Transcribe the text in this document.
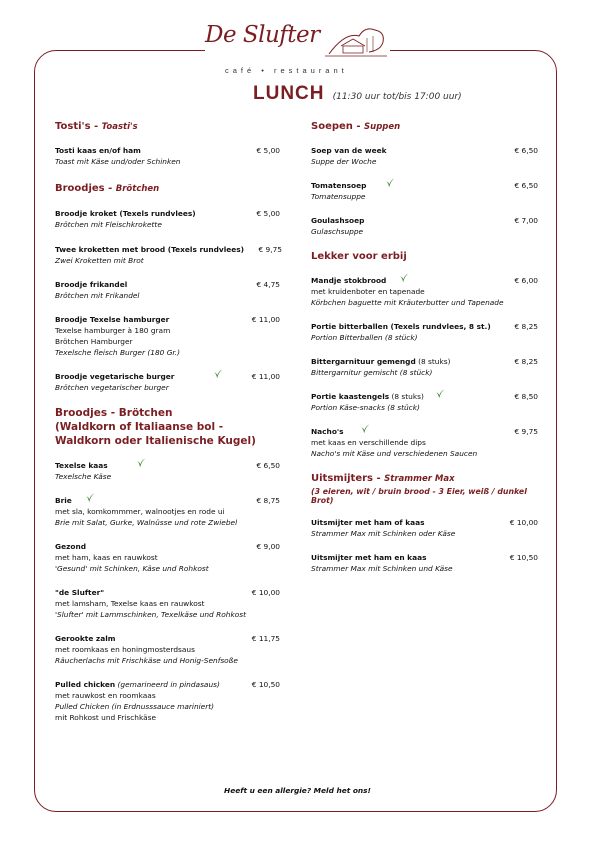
De Slufter
café • restaurant
LUNCH (11:30 uur tot/bis 17:00 uur)
Tosti's - Toasti's
Tosti kaas en/of ham
Toast mit Käse und/oder Schinken
€ 5,00
Broodjes - Brötchen
Broodje kroket (Texels rundvlees)
Brötchen mit Fleischkrokette
€ 5,00
Twee kroketten met brood (Texels rundvlees)
Zwei Kroketten mit Brot
€ 9,75
Broodje frikandel
Brötchen mit Frikandel
€ 4,75
Broodje Texelse hamburger
Texelse hamburger à 180 gram
Brötchen Hamburger
Texelsche fleisch Burger (180 Gr.)
€ 11,00
Broodje vegetarische burger
Brötchen vegetarischer burger
€ 11,00
Broodjes - Brötchen
(Waldkorn of Italiaanse bol -
Waldkorn oder Italienische Kugel)
Texelse kaas
Texelsche Käse
€ 6,50
Brie
met sla, komkommmer, walnootjes en rode ui
Brie mit Salat, Gurke, Walnüsse und rote Zwiebel
€ 8,75
Gezond
met ham, kaas en rauwkost
'Gesund' mit Schinken, Käse und Rohkost
€ 9,00
"de Slufter"
met lamsham, Texelse kaas en rauwkost
'Slufter' mit Lammschinken, Texelkäse und Rohkost
€ 10,00
Gerookte zalm
met roomkaas en honingmosterdsaus
Räucherlachs mit Frischkäse und Honig-Senfsoße
€ 11,75
Pulled chicken (gemarineerd in pindasaus)
met rauwkost en roomkaas
Pulled Chicken (in Erdnusssauce mariniert)
mit Rohkost und Frischkäse
€ 10,50
Soepen - Suppen
Soep van de week
Suppe der Woche
€ 6,50
Tomatensoep
Tomatensuppe
€ 6,50
Goulashsoep
Gulaschsuppe
€ 7,00
Lekker voor erbij
Mandje stokbrood
met kruidenboter en tapenade
Körbchen baguette mit Kräuterbutter und Tapenade
€ 6,00
Portie bitterballen (Texels rundvlees, 8 st.)
Portion Bitterballen (8 stück)
€ 8,25
Bittergarnituur gemengd (8 stuks)
Bittergarnitur gemischt (8 stück)
€ 8,25
Portie kaastengels (8 stuks)
Portion Käse-snacks (8 stück)
€ 8,50
Nacho's
met kaas en verschillende dips
Nacho's mit Käse und verschiedenen Saucen
€ 9,75
Uitsmijters - Strammer Max
(3 eieren, wit / bruin brood - 3 Eier, weiß / dunkel Brot)
Uitsmijter met ham of kaas
Strammer Max mit Schinken oder Käse
€ 10,00
Uitsmijter met ham en kaas
Strammer Max mit Schinken und Käse
€ 10,50
Heeft u een allergie? Meld het ons!
